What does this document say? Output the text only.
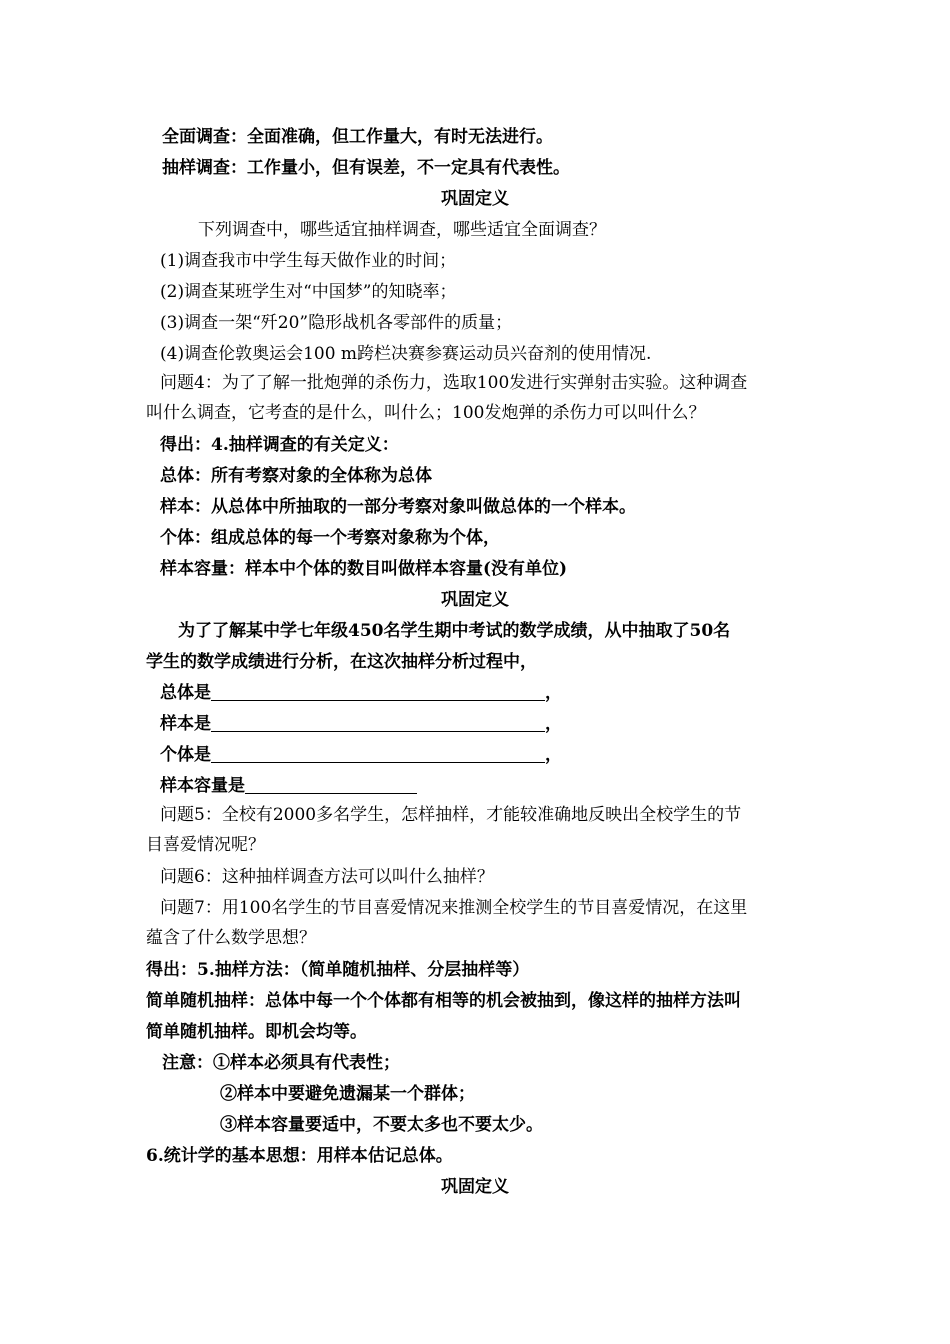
全面调查：全面准确，但工作量大，有时无法进行。
抽样调查：工作量小，但有误差，不一定具有代表性。
巩固定义
下列调查中，哪些适宜抽样调查，哪些适宜全面调查？
(1)调查我市中学生每天做作业的时间；
(2)调查某班学生对“中国梦”的知晓率；
(3)调查一架“歼20”隐形战机各零部件的质量；
(4)调查伦敦奥运会100 m跨栏决赛参赛运动员兴奋剂的使用情况.
问题4：为了了解一批炮弹的杀伤力，选取100发进行实弹射击实验。这种调查
叫什么调查，它考查的是什么，叫什么；100发炮弹的杀伤力可以叫什么？
得出：4.抽样调查的有关定义：
总体：所有考察对象的全体称为总体
样本：从总体中所抽取的一部分考察对象叫做总体的一个样本。
个体：组成总体的每一个考察对象称为个体，
样本容量：样本中个体的数目叫做样本容量(没有单位)
巩固定义
为了了解某中学七年级450名学生期中考试的数学成绩，从中抽取了50名
学生的数学成绩进行分析，在这次抽样分析过程中，
总体是	，
样本是	，
个体是	，
样本容量是
问题5：全校有2000多名学生，怎样抽样，才能较准确地反映出全校学生的节
目喜爱情况呢？
问题6：这种抽样调查方法可以叫什么抽样？
问题7：用100名学生的节目喜爱情况来推测全校学生的节目喜爱情况，在这里
蕴含了什么数学思想？
得出：5.抽样方法：（简单随机抽样、分层抽样等）
简单随机抽样：总体中每一个个体都有相等的机会被抽到，像这样的抽样方法叫
简单随机抽样。即机会均等。
注意：①样本必须具有代表性；
②样本中要避免遗漏某一个群体；
③样本容量要适中，不要太多也不要太少。
6.统计学的基本思想：用样本估记总体。
巩固定义
